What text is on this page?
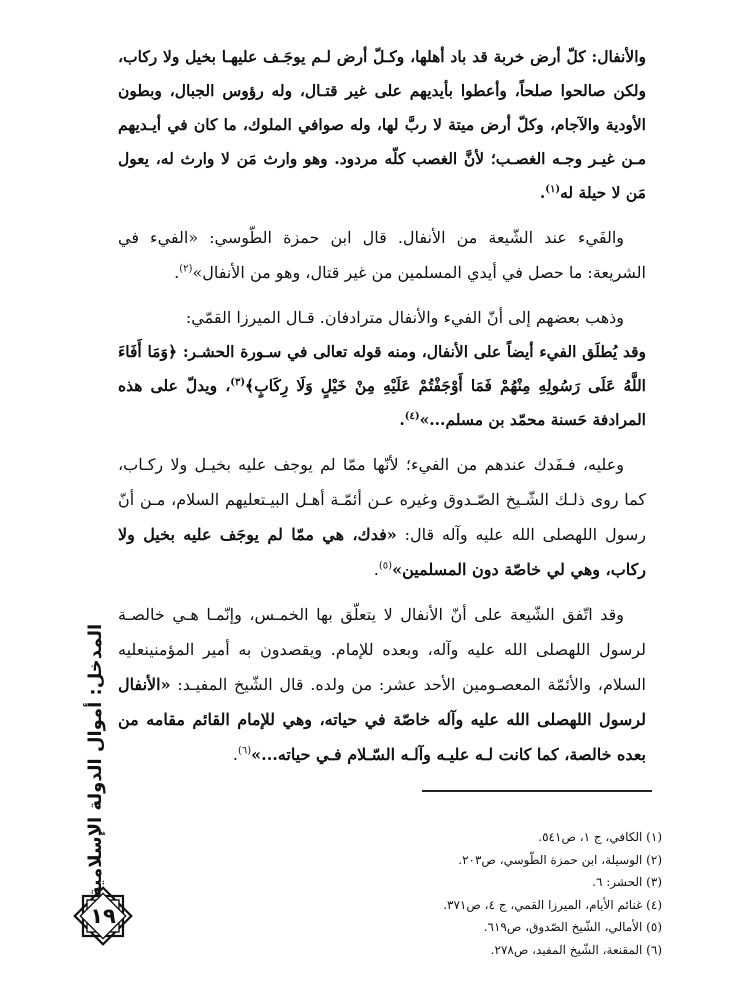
والأنفال: كلّ أرض خربة قد باد أهلها، وكـلّ أرض لـم يوجَـف عليهـا بخيل ولا ركاب، ولكن صالحوا صلحاً، وأعطوا بأيديهم على غير قتـال، وله رؤوس الجبال، وبطون الأودية والآجام، وكلّ أرض ميتة لا ربَّ لها، وله صوافي الملوك، ما كان في أيـديهم مـن غيـر وجـه الغصـب؛ لأنَّ الغصب كلّه مردود. وهو وارث مَن لا وارث له، يعول مَن لا حيلة له$^{(١)}$.

والفَيء عند الشّيعة من الأنفال. قال ابن حمزة الطّوسي: «الفيء في الشريعة: ما حصل في أيدي المسلمين من غير قتال، وهو من الأنفال»$^{(٢)}$.

وذهب بعضهم إلى أنّ الفيء والأنفال مترادفان. قـال الميرزا القمّي:

وقد يُطلَق الفيء أيضاً على الأنفال، ومنه قوله تعالى في سـورة الحشـر: ﴿وَمَا أَفَاءَ اللَّهُ عَلَى رَسُولِهِ مِنْهُمْ فَمَا أَوْجَفْتُمْ عَلَيْهِ مِنْ خَيْلٍ وَلَا رِكَابٍ﴾$^{(٣)}$، ويدلّ على هذه المرادفة حَسنة محمّد بن مسلم...»$^{(٤)}$.

وعليه، فـفَدك عندهم من الفيء؛ لأنّها ممّا لم يوجف عليه بخيـل ولا ركـاب، كما روى ذلـك الشّـيخ الصّـدوق وغيره عـن أئمّـة أهـل البيـتعليهم السلام، مـن أنّ رسول اللهصلى الله عليه وآله قال: «فدك، هي ممّا لم يوجَف عليه بخيل ولا ركاب، وهي لي خاصّة دون المسلمين»$^{(٥)}$.

وقد اتّفق الشّيعة على أنّ الأنفال لا يتعلّق بها الخمـس، وإنّمـا هـي خالصـة لرسول اللهصلى الله عليه وآله، وبعده للإمام. ويقصدون به أمير المؤمنينعليه السلام، والأئمّة المعصـومين الأحد عشر: من ولده. قال الشّيخ المفيـد: «الأنفال لرسول اللهصلى الله عليه وآله خاصّة في حياته، وهي للإمام القائم مقامه من بعده خالصة، كما كانت لـه عليـه وآلـه السّـلام فـي حياته...»$^{(٦)}$.

(١) الكافي، ج ١، ص٥٤١.
(٢) الوسيلة، ابن حمزة الطّوسي، ص٢٠٣.
(٣) الحشر: ٦.
(٤) غنائم الأيام، الميرزا القمي، ج ٤، ص٣٧١.
(٥) الأمالي، الشّيخ الصّدوق، ص٦١٩.
(٦) المقنعة، الشّيخ المفيد، ص٢٧٨.
المدخل: أموال الدولة الإسلامية
١٩
